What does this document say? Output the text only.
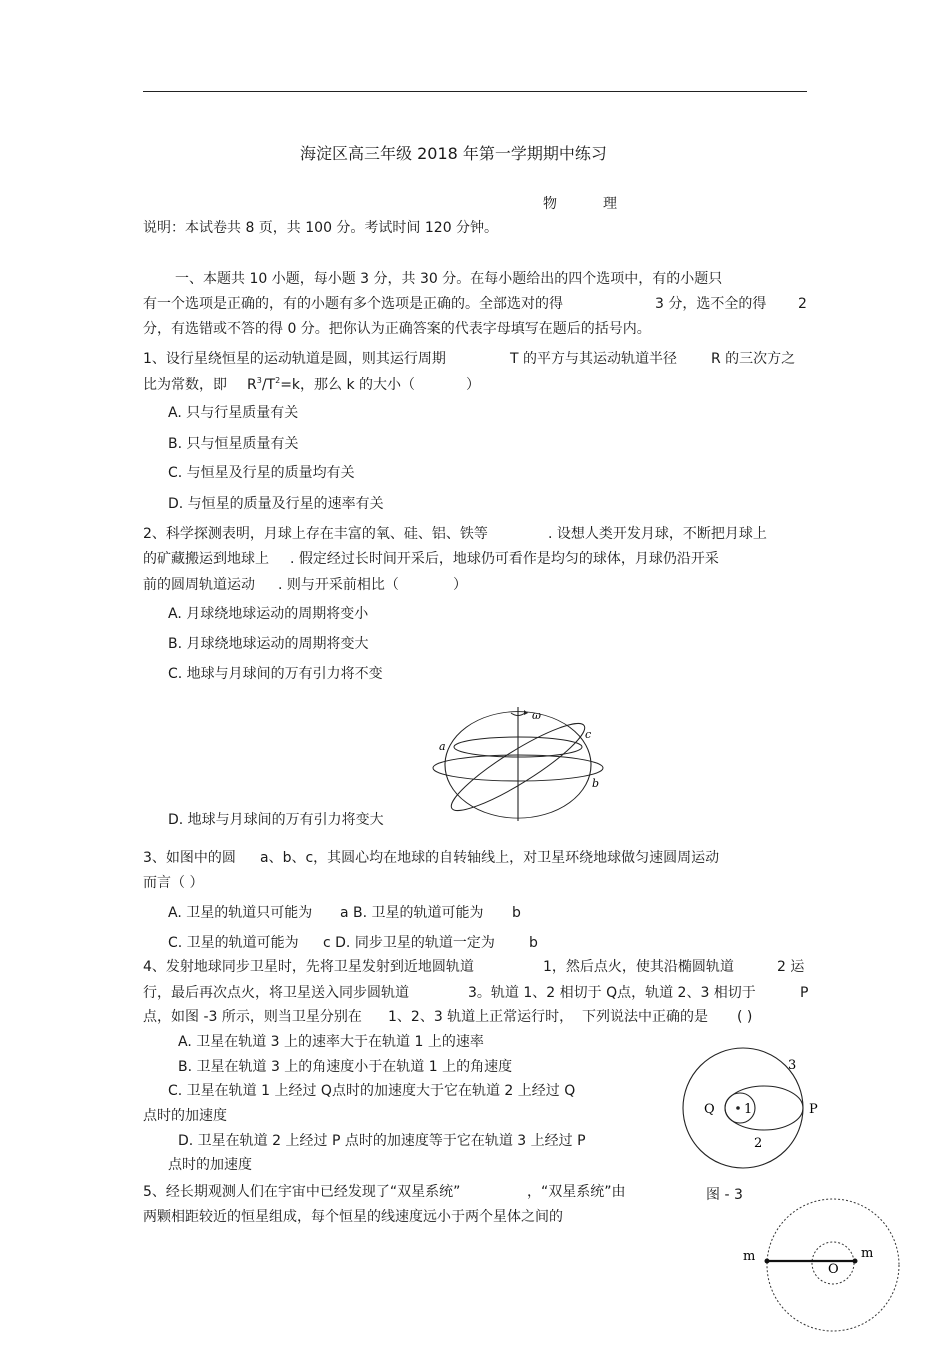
海淀区高三年级 2018 年第一学期期中练习
物	理
说明：本试卷共 8 页，共 100 分。考试时间 120 分钟。
一、本题共 10 小题，每小题 3 分，共 30 分。在每小题给出的四个选项中，有的小题只
有一个选项是正确的，有的小题有多个选项是正确的。全部选对的得	3 分，选不全的得 2
分，有选错或不答的得 0 分。把你认为正确答案的代表字母填写在题后的括号内。
1、设行星绕恒星的运动轨道是圆，则其运行周期	T 的平方与其运动轨道半径 R 的三次方之
比为常数，即 $R^3/T^2=k$，那么 k 的大小（	）
A. 只与行星质量有关
B. 只与恒星质量有关
C. 与恒星及行星的质量均有关
D. 与恒星的质量及行星的速率有关
2、科学探测表明，月球上存在丰富的氧、硅、铝、铁等	. 设想人类开发月球，不断把月球上
的矿藏搬运到地球上 . 假定经过长时间开采后，地球仍可看作是均匀的球体，月球仍沿开采
前的圆周轨道运动 . 则与开采前相比（	）
A. 月球绕地球运动的周期将变小
B. 月球绕地球运动的周期将变大
C. 地球与月球间的万有引力将不变
ω
a
b
c
D. 地球与月球间的万有引力将变大
3、如图中的圆 a、b、c，其圆心均在地球的自转轴线上，对卫星环绕地球做匀速圆周运动
而言（ ）
A. 卫星的轨道只可能为 a B. 卫星的轨道可能为 b
C. 卫星的轨道可能为 c D. 同步卫星的轨道一定为 b
4、发射地球同步卫星时，先将卫星发射到近地圆轨道	1，然后点火，使其沿椭圆轨道	2 运
行，最后再次点火，将卫星送入同步圆轨道	3。轨道 1、2 相切于 Q点，轨道 2、3 相切于	P
点，如图 -3 所示，则当卫星分别在 1、2、3 轨道上正常运行时， 下列说法中正确的是 ( )
A. 卫星在轨道 3 上的速率大于在轨道 1 上的速率
B. 卫星在轨道 3 上的角速度小于在轨道 1 上的角速度
C. 卫星在轨道 1 上经过 Q点时的加速度大于它在轨道 2 上经过 Q
点时的加速度
D. 卫星在轨道 2 上经过 P 点时的加速度等于它在轨道 3 上经过 P
点时的加速度
Q	P
1
2
3
图 - 3
5、经长期观测人们在宇宙中已经发现了“双星系统”	，“双星系统”由
两颗相距较近的恒星组成，每个恒星的线速度远小于两个星体之间的
m	m
O
